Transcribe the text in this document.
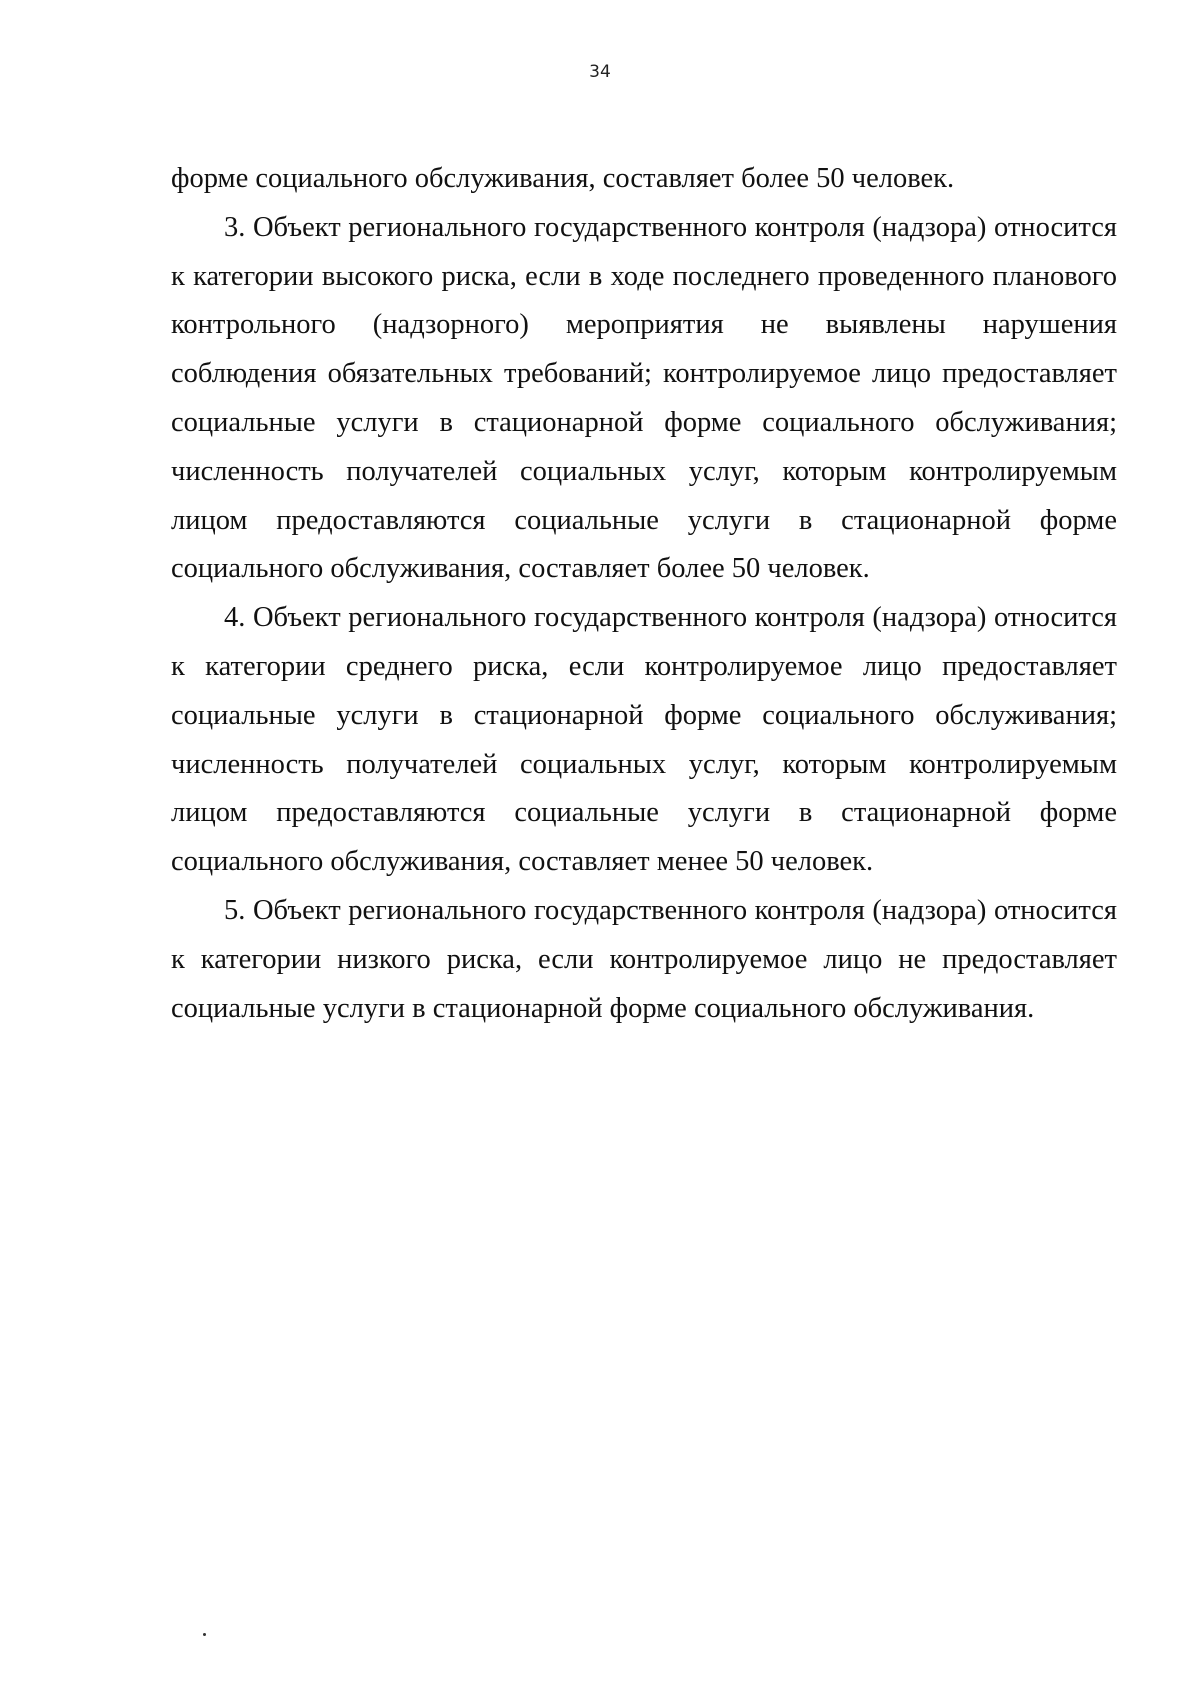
34

форме социального обслуживания, составляет более 50 человек.

3. Объект регионального государственного контроля (надзора) относится к категории высокого риска, если в ходе последнего проведенного планового контрольного (надзорного) мероприятия не выявлены нарушения соблюдения обязательных требований; контролируемое лицо предоставляет социальные услуги в стационарной форме социального обслуживания; численность получателей социальных услуг, которым контролируемым лицом предоставляются социальные услуги в стационарной форме социального обслуживания, составляет более 50 человек.

4. Объект регионального государственного контроля (надзора) относится к категории среднего риска, если контролируемое лицо предоставляет социальные услуги в стационарной форме социального обслуживания; численность получателей социальных услуг, которым контролируемым лицом предоставляются социальные услуги в стационарной форме социального обслуживания, составляет менее 50 человек.

5. Объект регионального государственного контроля (надзора) относится к категории низкого риска, если контролируемое лицо не предоставляет социальные услуги в стационарной форме социального обслуживания.
